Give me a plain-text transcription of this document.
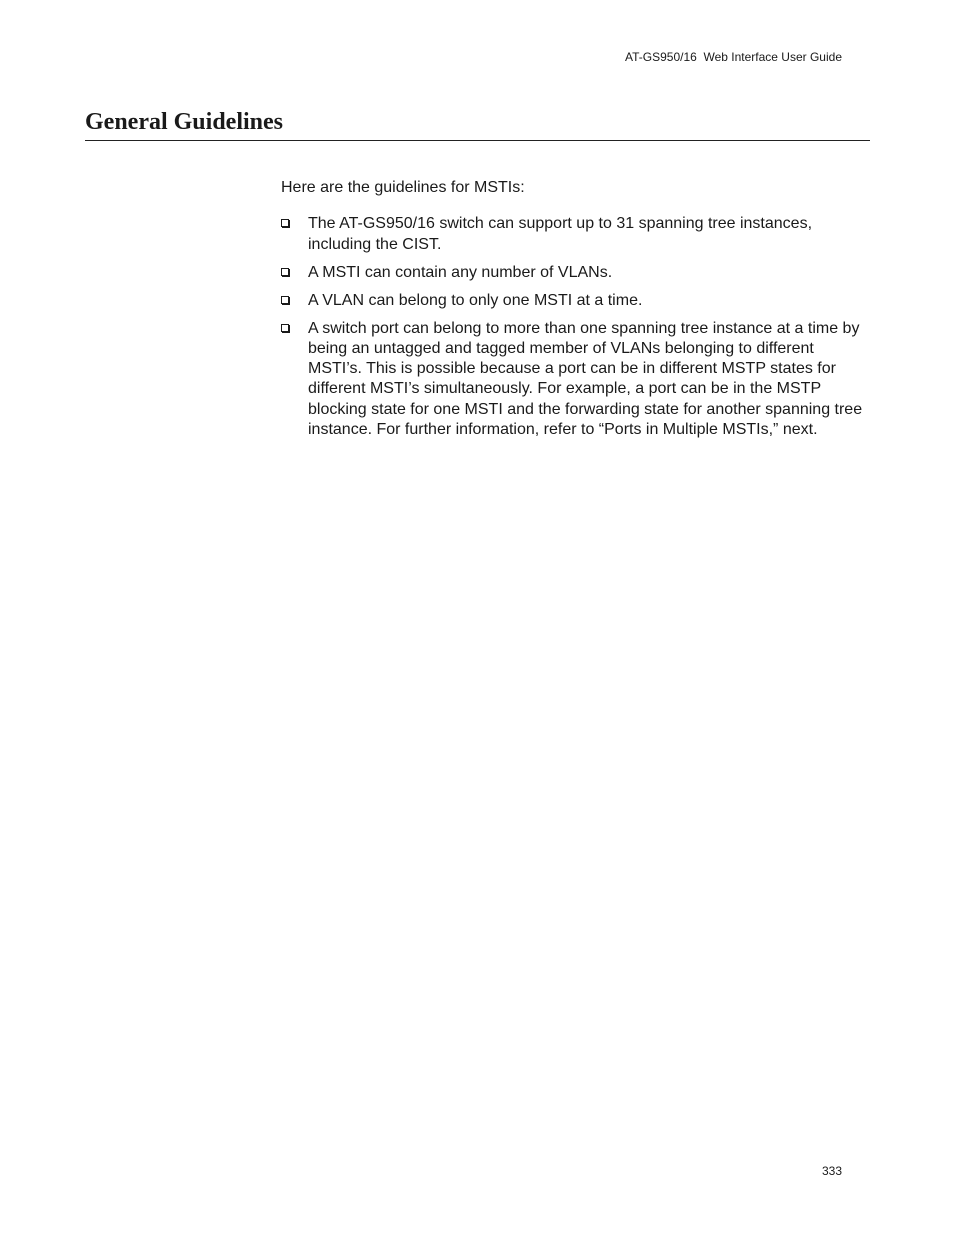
AT-GS950/16  Web Interface User Guide
General Guidelines

Here are the guidelines for MSTIs:

The AT-GS950/16 switch can support up to 31 spanning tree instances, including the CIST.
A MSTI can contain any number of VLANs.
A VLAN can belong to only one MSTI at a time.
A switch port can belong to more than one spanning tree instance at a time by being an untagged and tagged member of VLANs belonging to different MSTI’s. This is possible because a port can be in different MSTP states for different MSTI’s simultaneously. For example, a port can be in the MSTP blocking state for one MSTI and the forwarding state for another spanning tree instance. For further information, refer to “Ports in Multiple MSTIs,” next.
333
